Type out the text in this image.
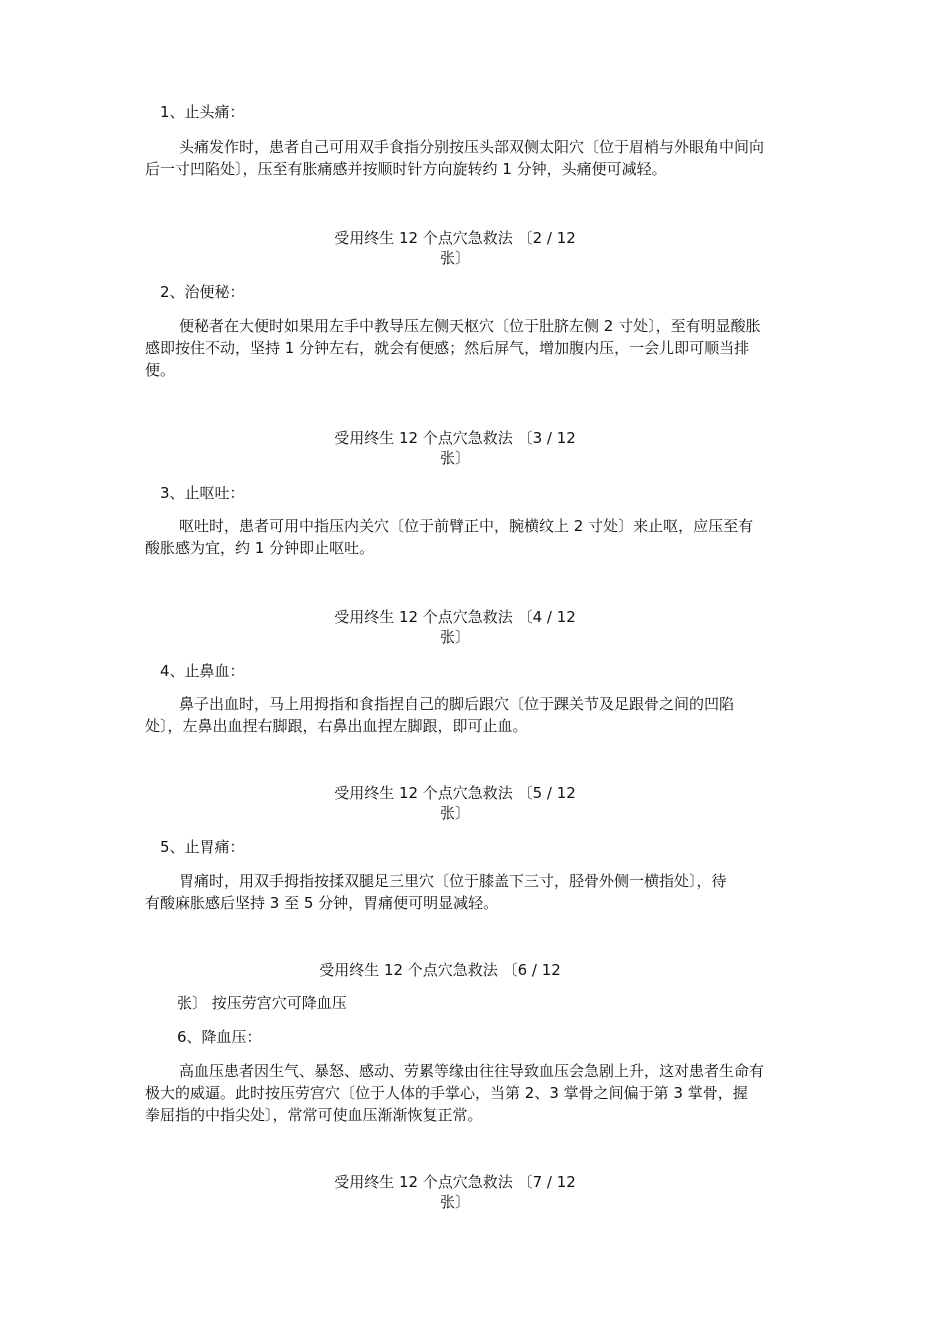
1、止头痛：
头痛发作时，患者自己可用双手食指分别按压头部双侧太阳穴〔位于眉梢与外眼角中间向
后一寸凹陷处〕，压至有胀痛感并按顺时针方向旋转约 1 分钟，头痛便可减轻。
受用终生 12 个点穴急救法 〔2 / 12
张〕
2、治便秘：
便秘者在大便时如果用左手中教导压左侧天枢穴〔位于肚脐左侧 2 寸处〕，至有明显酸胀
感即按住不动，坚持 1 分钟左右，就会有便感；然后屏气，增加腹内压，一会儿即可顺当排
便。
受用终生 12 个点穴急救法 〔3 / 12
张〕
3、止呕吐：
呕吐时，患者可用中指压内关穴〔位于前臂正中，腕横纹上 2 寸处〕来止呕，应压至有
酸胀感为宜，约 1 分钟即止呕吐。
受用终生 12 个点穴急救法 〔4 / 12
张〕
4、止鼻血：
鼻子出血时，马上用拇指和食指捏自己的脚后跟穴〔位于踝关节及足跟骨之间的凹陷
处〕，左鼻出血捏右脚跟，右鼻出血捏左脚跟，即可止血。
受用终生 12 个点穴急救法 〔5 / 12
张〕
5、止胃痛：
胃痛时，用双手拇指按揉双腿足三里穴〔位于膝盖下三寸，胫骨外侧一横指处〕，待
有酸麻胀感后坚持 3 至 5 分钟，胃痛便可明显减轻。
受用终生 12 个点穴急救法 〔6 / 12
张〕 按压劳宫穴可降血压
6、降血压：
高血压患者因生气、暴怒、感动、劳累等缘由往往导致血压会急剧上升，这对患者生命有
极大的威逼。此时按压劳宫穴〔位于人体的手掌心，当第 2、3 掌骨之间偏于第 3 掌骨，握
拳屈指的中指尖处〕，常常可使血压渐渐恢复正常。
受用终生 12 个点穴急救法 〔7 / 12
张〕
